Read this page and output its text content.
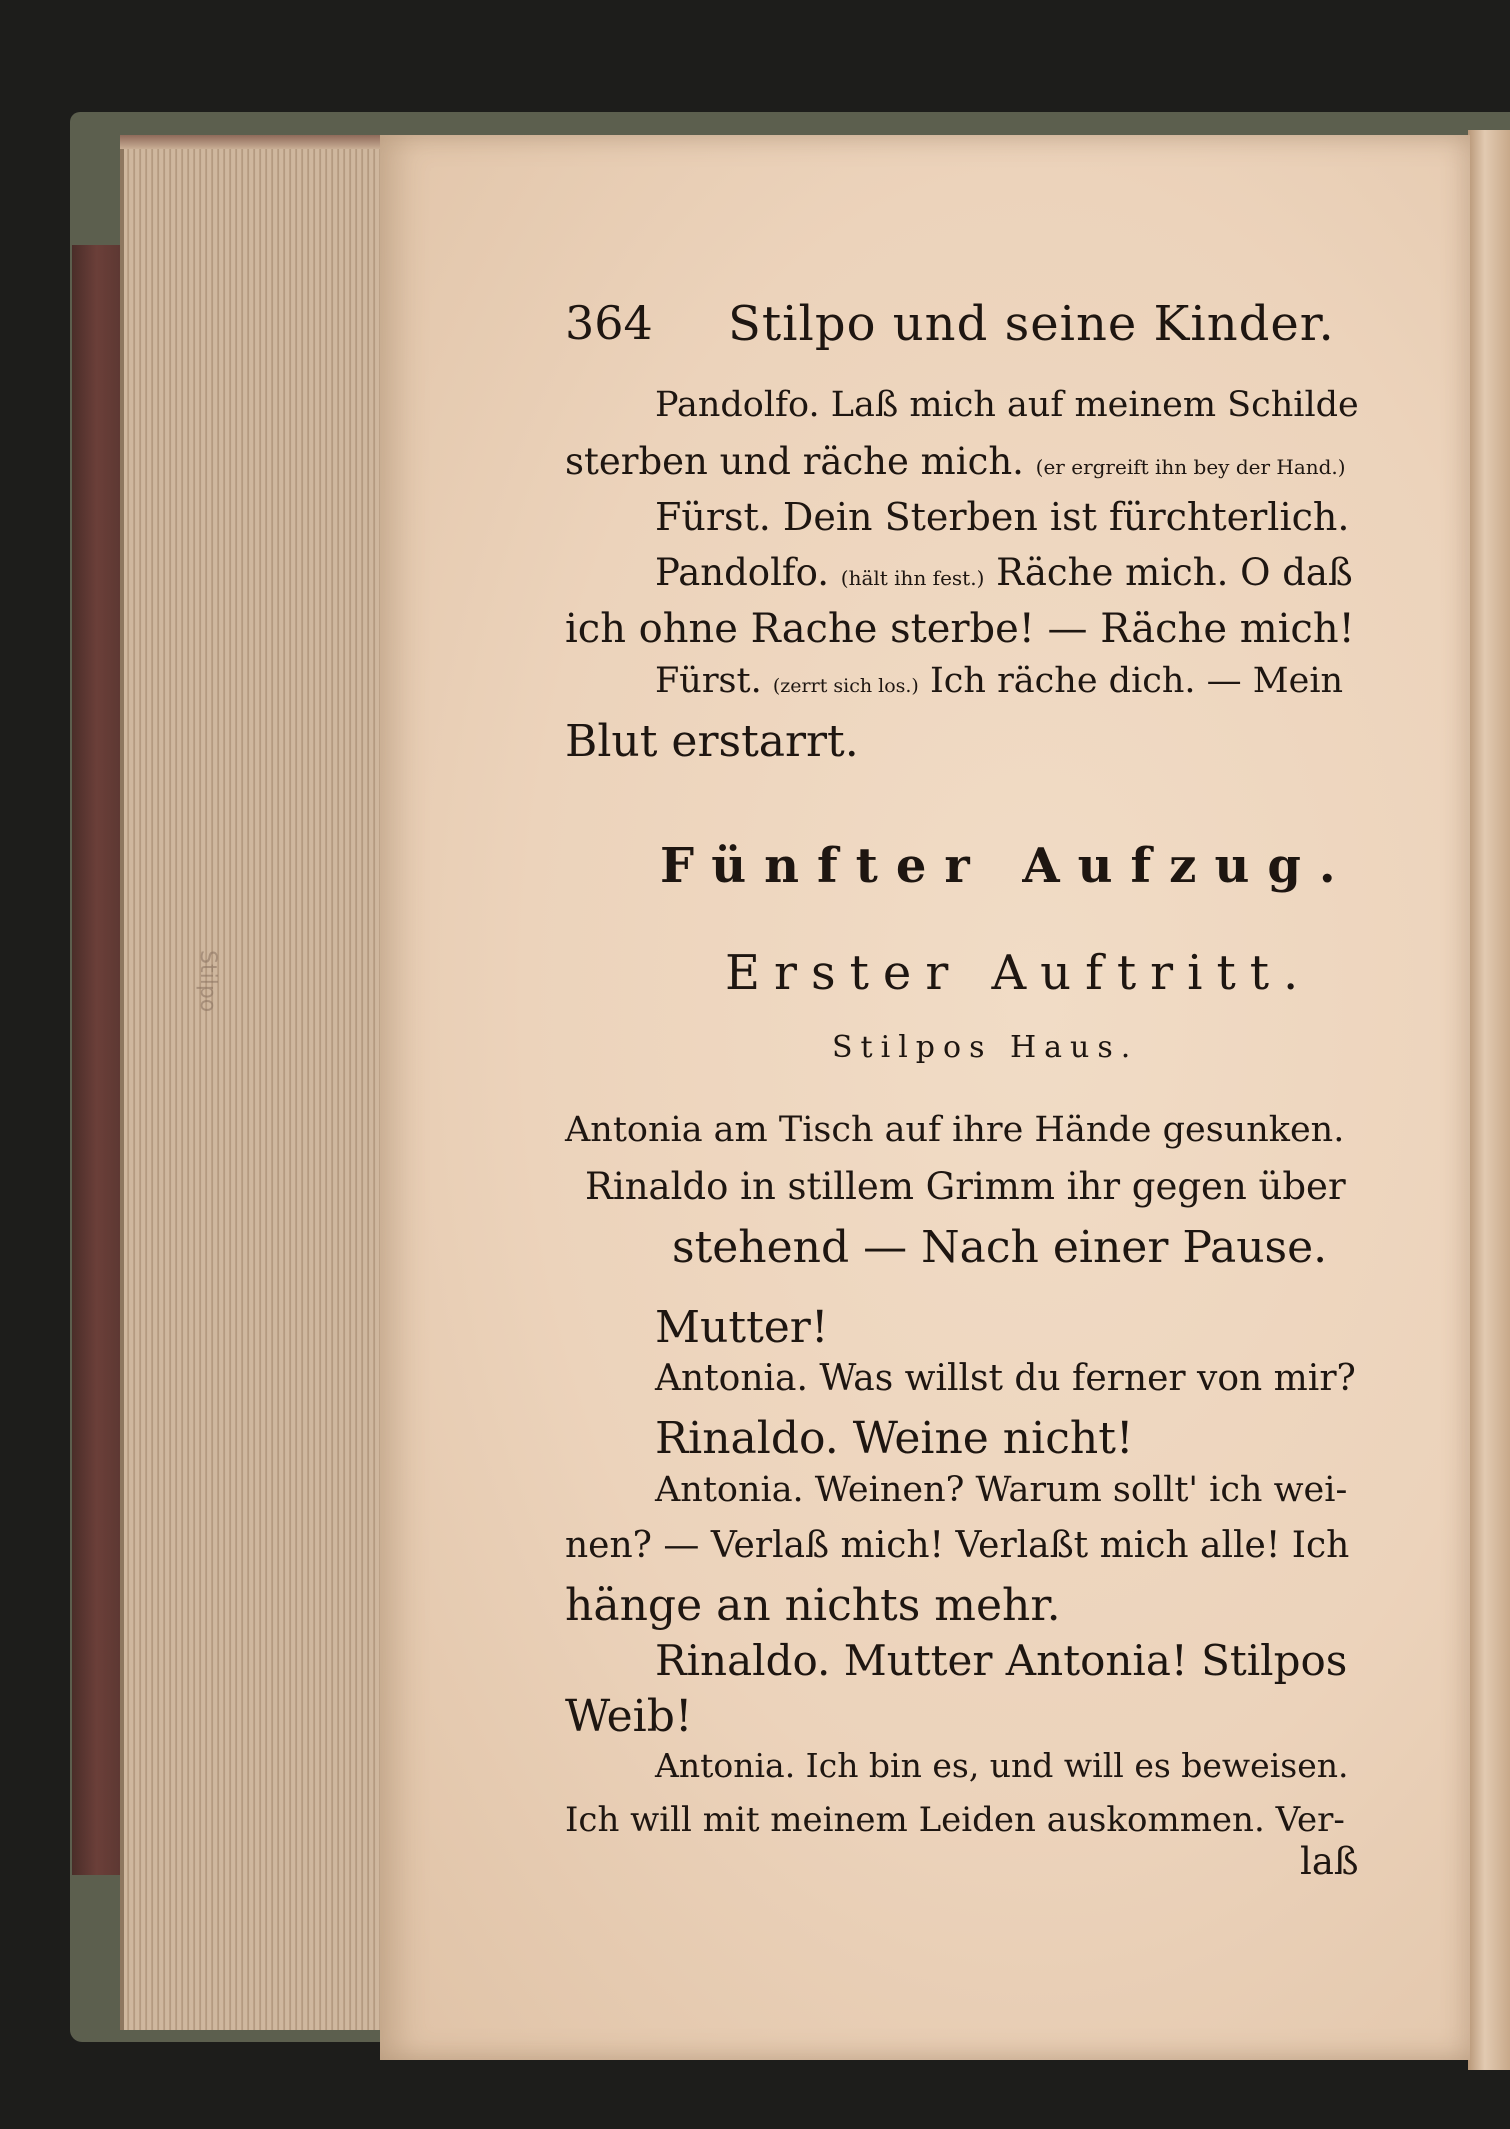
Stilpo
364 Stilpo und seine Kinder.
Pandolfo. Laß mich auf meinem Schilde
sterben und räche mich. (er ergreift ihn bey der Hand.)
Fürst. Dein Sterben ist fürchterlich.
Pandolfo. (hält ihn fest.) Räche mich. O daß
ich ohne Rache sterbe! — Räche mich!
Fürst. (zerrt sich los.) Ich räche dich. — Mein
Blut erstarrt.
Fünfter Aufzug.
Erster Auftritt.
Stilpos Haus.
Antonia am Tisch auf ihre Hände gesunken.
Rinaldo in stillem Grimm ihr gegen über
stehend — Nach einer Pause.
Mutter!
Antonia. Was willst du ferner von mir?
Rinaldo. Weine nicht!
Antonia. Weinen? Warum sollt' ich wei-
nen? — Verlaß mich! Verlaßt mich alle! Ich
hänge an nichts mehr.
Rinaldo. Mutter Antonia! Stilpos
Weib!
Antonia. Ich bin es, und will es beweisen.
Ich will mit meinem Leiden auskommen. Ver-
laß
